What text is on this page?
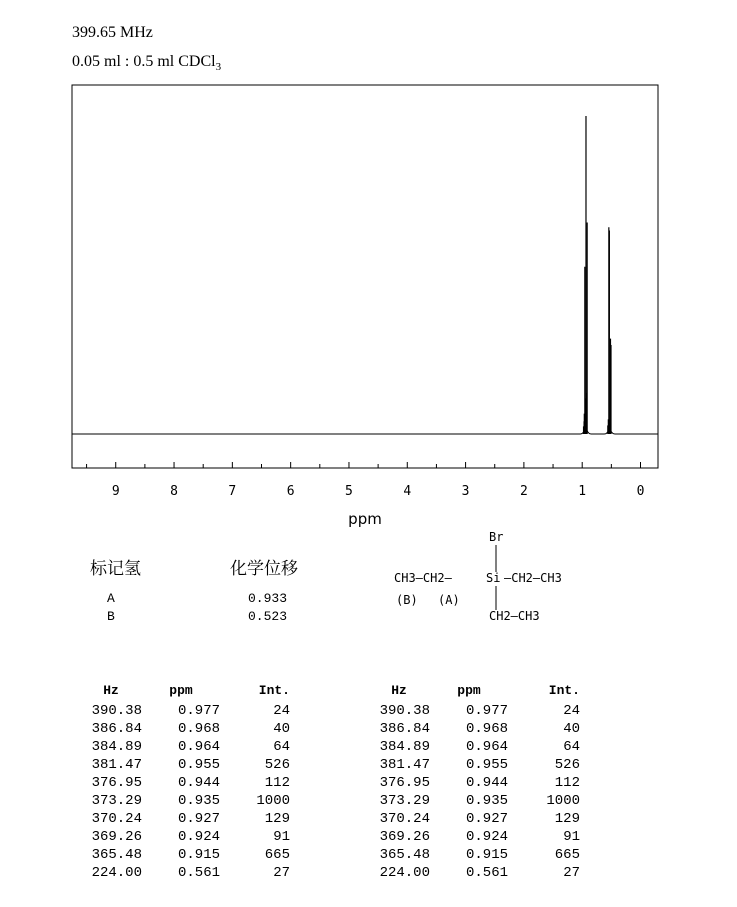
399.65 MHz
0.05 ml : 0.5 ml CDCl$_3$
9	8	7	6	5	4	3	2	1	0
ppm
标记氢	化学位移
A	0.933
B	0.523
Br
CH3—CH2—	Si —CH2—CH3
(B) (A)
CH2—CH3
Hz	ppm	Int.
390.38	0.977	24
386.84	0.968	40
384.89	0.964	64
381.47	0.955	526
376.95	0.944	112
373.29	0.935	1000
370.24	0.927	129
369.26	0.924	91
365.48	0.915	665
224.00	0.561	27
Hz	ppm	Int.
390.38	0.977	24
386.84	0.968	40
384.89	0.964	64
381.47	0.955	526
376.95	0.944	112
373.29	0.935	1000
370.24	0.927	129
369.26	0.924	91
365.48	0.915	665
224.00	0.561	27
